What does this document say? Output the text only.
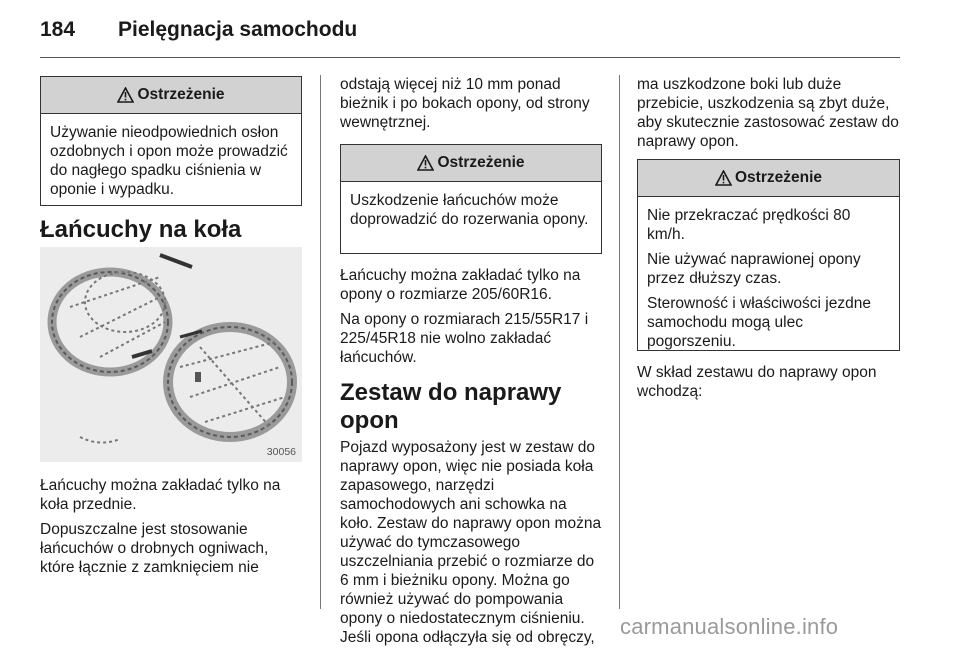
184 Pielęgnacja samochodu
Ostrzeżenie

Używanie nieodpowiednich osłon ozdobnych i opon może prowadzić do nagłego spadku ciśnienia w oponie i wypadku.

Łańcuchy na koła
30056

Łańcuchy można zakładać tylko na koła przednie.

Dopuszczalne jest stosowanie łańcuchów o drobnych ogniwach, które łącznie z zamknięciem nie

odstają więcej niż 10 mm ponad bieżnik i po bokach opony, od strony wewnętrznej.

Ostrzeżenie

Uszkodzenie łańcuchów może doprowadzić do rozerwania opony.

Łańcuchy można zakładać tylko na opony o rozmiarze 205/60R16.

Na opony o rozmiarach 215/55R17 i 225/45R18 nie wolno zakładać łańcuchów.

Zestaw do naprawy opon

Pojazd wyposażony jest w zestaw do naprawy opon, więc nie posiada koła zapasowego, narzędzi samochodowych ani schowka na koło. Zestaw do naprawy opon można używać do tymczasowego uszczelniania przebić o rozmiarze do 6 mm i bieżniku opony. Można go również używać do pompowania opony o niedostatecznym ciśnieniu. Jeśli opona odłączyła się od obręczy,

ma uszkodzone boki lub duże przebicie, uszkodzenia są zbyt duże, aby skutecznie zastosować zestaw do naprawy opon.

Ostrzeżenie

Nie przekraczać prędkości 80 km/h.

Nie używać naprawionej opony przez dłuższy czas.

Sterowność i właściwości jezdne samochodu mogą ulec pogorszeniu.

W skład zestawu do naprawy opon wchodzą:

carmanualsonline.info
